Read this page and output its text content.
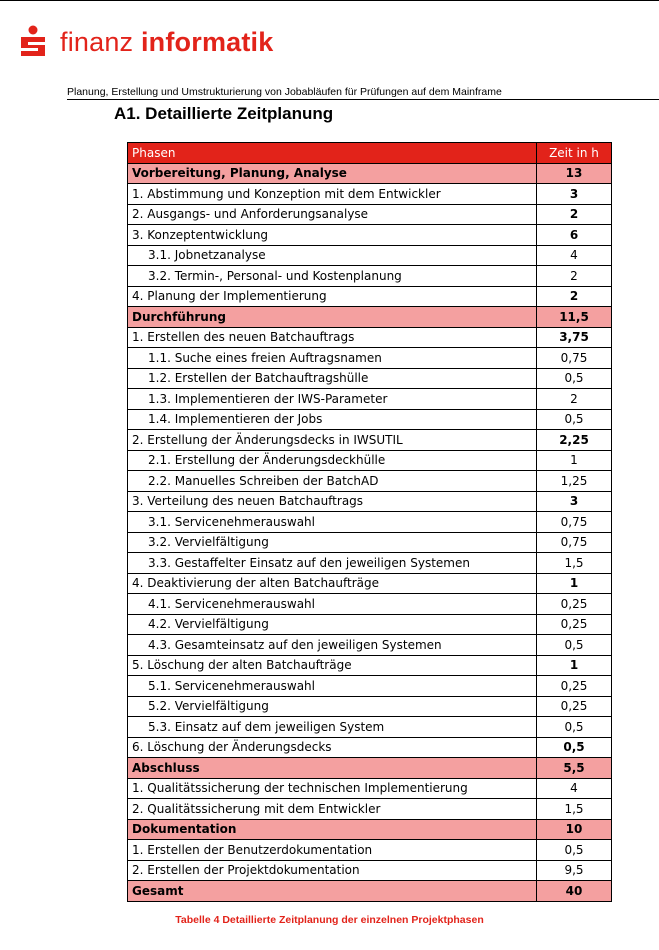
finanz informatik
Planung, Erstellung und Umstrukturierung von Jobabläufen für Prüfungen auf dem Mainframe
A1. Detaillierte Zeitplanung
Phasen	Zeit in h
Vorbereitung, Planung, Analyse	13
1. Abstimmung und Konzeption mit dem Entwickler	3
2. Ausgangs- und Anforderungsanalyse	2
3. Konzeptentwicklung	6
3.1. Jobnetzanalyse	4
3.2. Termin-, Personal- und Kostenplanung	2
4. Planung der Implementierung	2
Durchführung	11,5
1. Erstellen des neuen Batchauftrags	3,75
1.1. Suche eines freien Auftragsnamen	0,75
1.2. Erstellen der Batchauftragshülle	0,5
1.3. Implementieren der IWS-Parameter	2
1.4. Implementieren der Jobs	0,5
2. Erstellung der Änderungsdecks in IWSUTIL	2,25
2.1. Erstellung der Änderungsdeckhülle	1
2.2. Manuelles Schreiben der BatchAD	1,25
3. Verteilung des neuen Batchauftrags	3
3.1. Servicenehmerauswahl	0,75
3.2. Vervielfältigung	0,75
3.3. Gestaffelter Einsatz auf den jeweiligen Systemen	1,5
4. Deaktivierung der alten Batchaufträge	1
4.1. Servicenehmerauswahl	0,25
4.2. Vervielfältigung	0,25
4.3. Gesamteinsatz auf den jeweiligen Systemen	0,5
5. Löschung der alten Batchaufträge	1
5.1. Servicenehmerauswahl	0,25
5.2. Vervielfältigung	0,25
5.3. Einsatz auf dem jeweiligen System	0,5
6. Löschung der Änderungsdecks	0,5
Abschluss	5,5
1. Qualitätssicherung der technischen Implementierung	4
2. Qualitätssicherung mit dem Entwickler	1,5
Dokumentation	10
1. Erstellen der Benutzerdokumentation	0,5
2. Erstellen der Projektdokumentation	9,5
Gesamt	40
Tabelle 4 Detaillierte Zeitplanung der einzelnen Projektphasen
